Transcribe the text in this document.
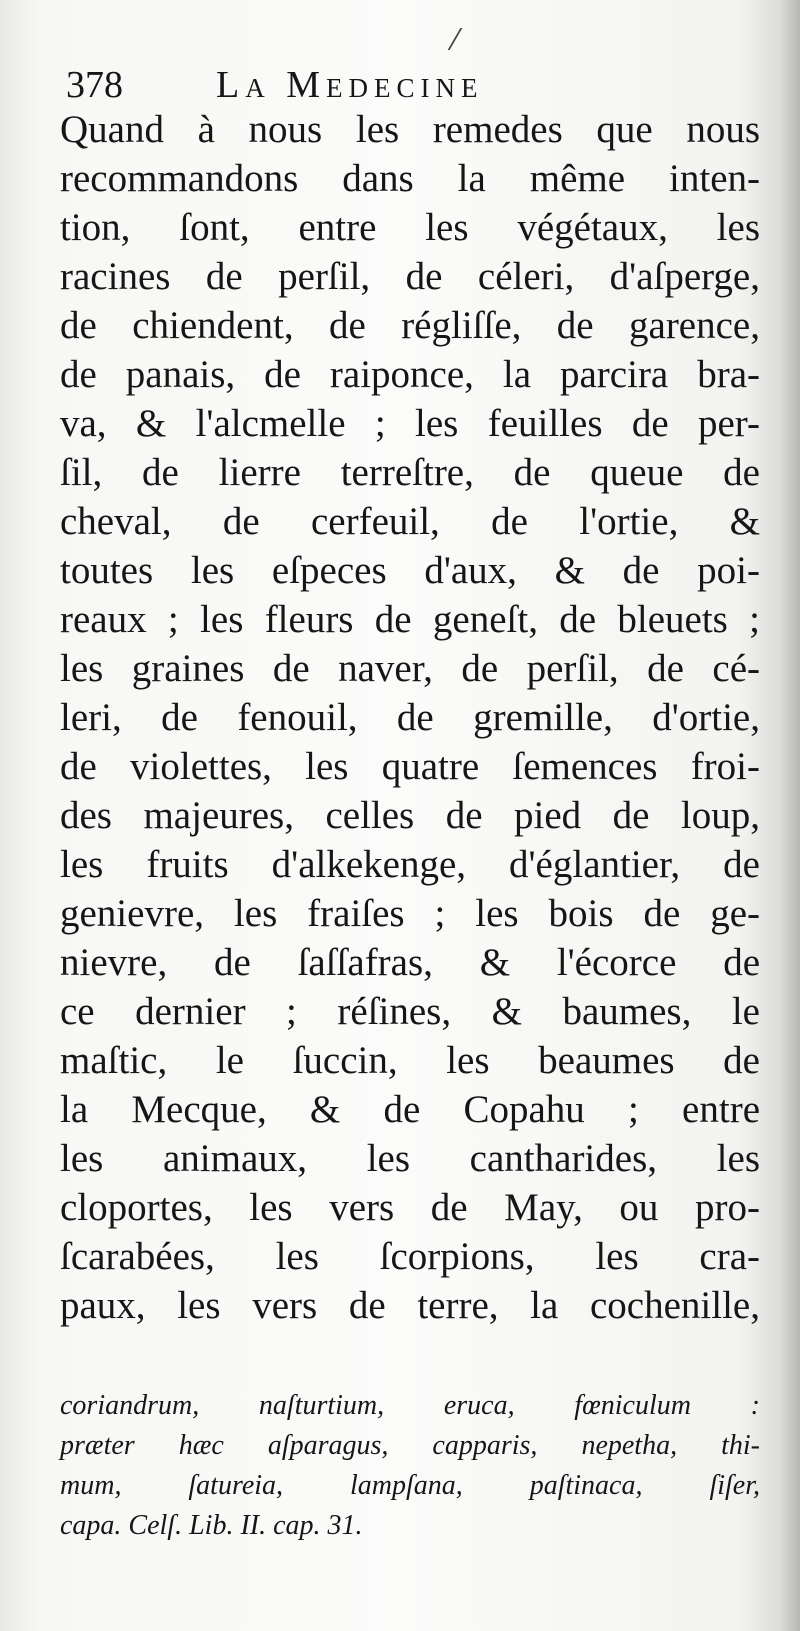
378 La Medecine
Quand à nous les remedes que nous
recommandons dans la même inten-
tion, ſont, entre les végétaux, les
racines de perſil, de céleri, d'aſperge,
de chiendent, de régliſſe, de garence,
de panais, de raiponce, la parcira bra-
va, & l'alcmelle ; les feuilles de per-
ſil, de lierre terreſtre, de queue de
cheval, de cerfeuil, de l'ortie, &
toutes les eſpeces d'aux, & de poi-
reaux ; les fleurs de geneſt, de bleuets ;
les graines de naver, de perſil, de cé-
leri, de fenouil, de gremille, d'ortie,
de violettes, les quatre ſemences froi-
des majeures, celles de pied de loup,
les fruits d'alkekenge, d'églantier, de
genievre, les fraiſes ; les bois de ge-
nievre, de ſaſſafras, & l'écorce de
ce dernier ; réſines, & baumes, le
maſtic, le ſuccin, les beaumes de
la Mecque, & de Copahu ; entre
les animaux, les cantharides, les
cloportes, les vers de May, ou pro-
ſcarabées, les ſcorpions, les cra-
paux, les vers de terre, la cochenille,
coriandrum, naſturtium, eruca, fœniculum :
præter hæc aſparagus, capparis, nepetha, thi-
mum, ſatureia, lampſana, paſtinaca, ſiſer,
capa. Celſ. Lib. II. cap. 31.
